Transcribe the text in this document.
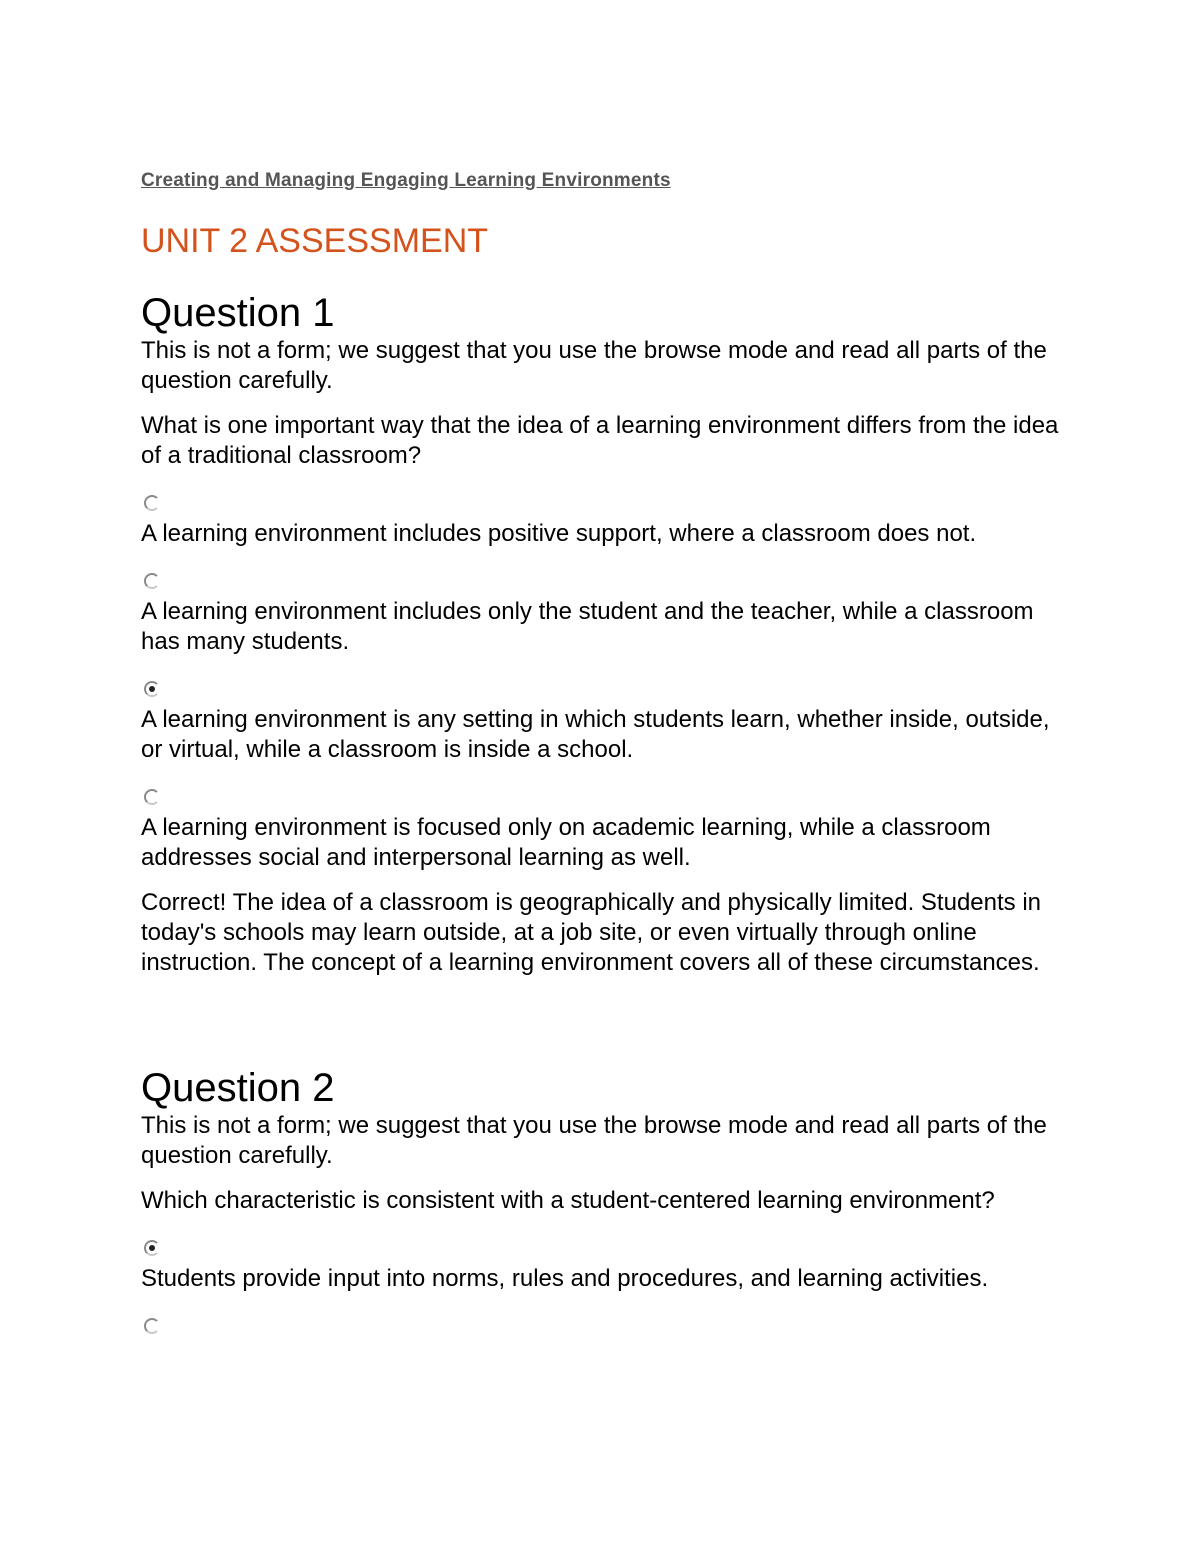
Creating and Managing Engaging Learning Environments
UNIT 2 ASSESSMENT
Question 1

This is not a form; we suggest that you use the browse mode and read all parts of the question carefully.

What is one important way that the idea of a learning environment differs from the idea of a traditional classroom?

A learning environment includes positive support, where a classroom does not.

A learning environment includes only the student and the teacher, while a classroom has many students.

A learning environment is any setting in which students learn, whether inside, outside, or virtual, while a classroom is inside a school.

A learning environment is focused only on academic learning, while a classroom addresses social and interpersonal learning as well.

Correct! The idea of a classroom is geographically and physically limited. Students in today's schools may learn outside, at a job site, or even virtually through online instruction. The concept of a learning environment covers all of these circumstances.

Question 2

This is not a form; we suggest that you use the browse mode and read all parts of the question carefully.

Which characteristic is consistent with a student-centered learning environment?

Students provide input into norms, rules and procedures, and learning activities.
